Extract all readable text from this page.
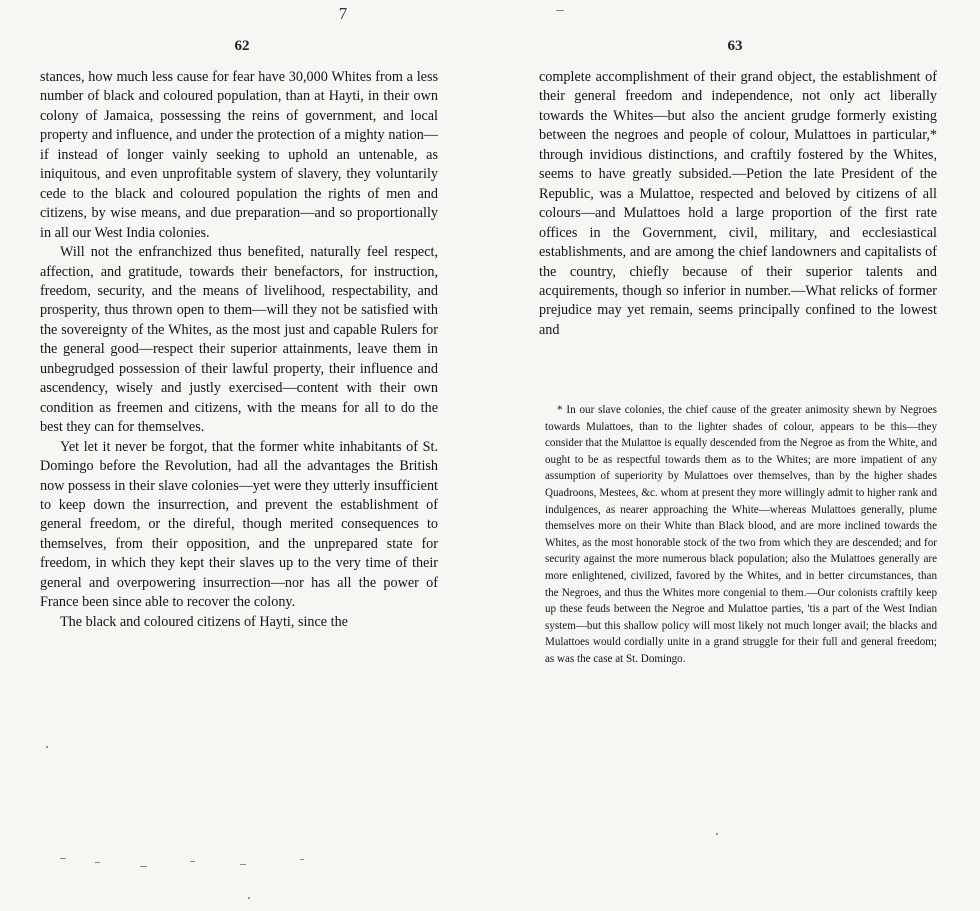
7
62	63

stances, how much less cause for fear have 30,000 Whites from a less number of black and coloured population, than at Hayti, in their own colony of Jamaica, possessing the reins of government, and local property and influence, and under the protection of a mighty nation—if instead of longer vainly seeking to uphold an untenable, as iniquitous, and even unprofitable system of slavery, they voluntarily cede to the black and coloured population the rights of men and citizens, by wise means, and due preparation—and so proportionally in all our West India colonies.

Will not the enfranchized thus benefited, naturally feel respect, affection, and gratitude, towards their benefactors, for instruction, freedom, security, and the means of livelihood, respectability, and prosperity, thus thrown open to them—will they not be satisfied with the sovereignty of the Whites, as the most just and capable Rulers for the general good—respect their superior attainments, leave them in unbegrudged possession of their lawful property, their influence and ascendency, wisely and justly exercised—content with their own condition as freemen and citizens, with the means for all to do the best they can for themselves.

Yet let it never be forgot, that the former white inhabitants of St. Domingo before the Revolution, had all the advantages the British now possess in their slave colonies—yet were they utterly insufficient to keep down the insurrection, and prevent the establishment of general freedom, or the direful, though merited consequences to themselves, from their opposition, and the unprepared state for freedom, in which they kept their slaves up to the very time of their general and overpowering insurrection—nor has all the power of France been since able to recover the colony.

The black and coloured citizens of Hayti, since the

complete accomplishment of their grand object, the establishment of their general freedom and independence, not only act liberally towards the Whites—but also the ancient grudge formerly existing between the negroes and people of colour, Mulattoes in particular,* through invidious distinctions, and craftily fostered by the Whites, seems to have greatly subsided.—Petion the late President of the Republic, was a Mulattoe, respected and beloved by citizens of all colours—and Mulattoes hold a large proportion of the first rate offices in the Government, civil, military, and ecclesiastical establishments, and are among the chief landowners and capitalists of the country, chiefly because of their superior talents and acquirements, though so inferior in number.—What relicks of former prejudice may yet remain, seems principally confined to the lowest and

* In our slave colonies, the chief cause of the greater animosity shewn by Negroes towards Mulattoes, than to the lighter shades of colour, appears to be this—they consider that the Mulattoe is equally descended from the Negroe as from the White, and ought to be as respectful towards them as to the Whites; are more impatient of any assumption of superiority by Mulattoes over themselves, than by the higher shades Quadroons, Mestees, &c. whom at present they more willingly admit to higher rank and indulgences, as nearer approaching the White—whereas Mulattoes generally, plume themselves more on their White than Black blood, and are more inclined towards the Whites, as the most honorable stock of the two from which they are descended; and for security against the more numerous black population; also the Mulattoes generally are more enlightened, civilized, favored by the Whites, and in better circumstances, than the Negroes, and thus the Whites more congenial to them.—Our colonists craftily keep up these feuds between the Negroe and Mulattoe parties, 'tis a part of the West Indian system—but this shallow policy will most likely not much longer avail; the blacks and Mulattoes would cordially unite in a grand struggle for their full and general freedom; as was the case at St. Domingo.
